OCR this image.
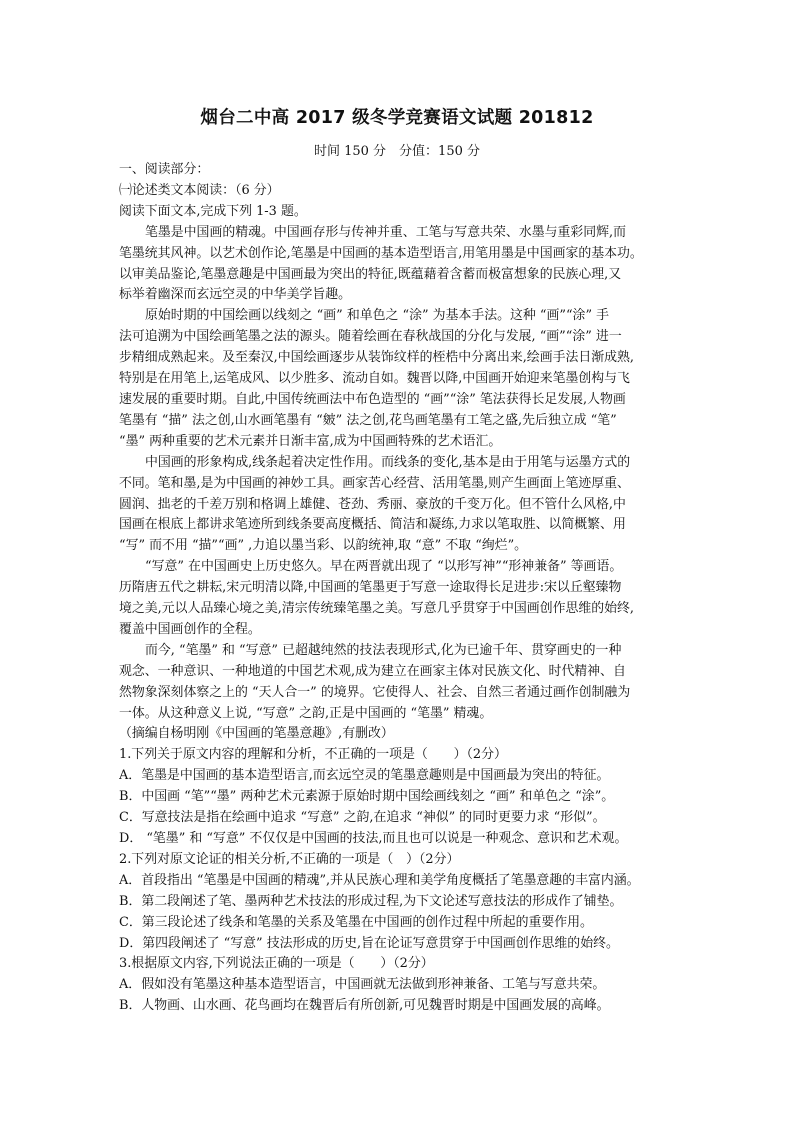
烟台二中高 2017 级冬学竞赛语文试题 201812
时间 150 分　分值：150 分

一、阅读部分：

㈠论述类文本阅读：（6 分）

阅读下面文本,完成下列 1-3 题。

笔墨是中国画的精魂。中国画存形与传神并重、工笔与写意共荣、水墨与重彩同辉,而
笔墨统其风神。以艺术创作论,笔墨是中国画的基本造型语言,用笔用墨是中国画家的基本功。
以审美品鉴论,笔墨意趣是中国画最为突出的特征,既蕴藉着含蓄而极富想象的民族心理,又
标举着幽深而玄远空灵的中华美学旨趣。

原始时期的中国绘画以线刻之 “画” 和单色之 “涂” 为基本手法。这种 “画”“涂” 手
法可追溯为中国绘画笔墨之法的源头。随着绘画在春秋战国的分化与发展, “画”“涂” 进一
步精细成熟起来。及至秦汉,中国绘画逐步从装饰纹样的桎梏中分离出来,绘画手法日渐成熟,
特别是在用笔上,运笔成风、以少胜多、流动自如。魏晋以降,中国画开始迎来笔墨创构与飞
速发展的重要时期。自此,中国传统画法中布色造型的 “画”“涂” 笔法获得长足发展,人物画
笔墨有 “描” 法之创,山水画笔墨有 “皴” 法之创,花鸟画笔墨有工笔之盛,先后独立成 “笔”
“墨” 两种重要的艺术元素并日渐丰富,成为中国画特殊的艺术语汇。

中国画的形象构成,线条起着决定性作用。而线条的变化,基本是由于用笔与运墨方式的
不同。笔和墨,是为中国画的神妙工具。画家苦心经营、活用笔墨,则产生画面上笔迹厚重、
圆润、拙老的千差万别和格调上雄健、苍劲、秀丽、豪放的千变万化。但不管什么风格,中
国画在根底上都讲求笔迹所到线条要高度概括、简洁和凝练,力求以笔取胜、以简概繁、用
“写” 而不用 “描”“画” ,力追以墨当彩、以韵统神,取 “意” 不取 “绚烂”。

“写意” 在中国画史上历史悠久。早在两晋就出现了 “以形写神”“形神兼备” 等画语。
历隋唐五代之耕耘,宋元明清以降,中国画的笔墨更于写意一途取得长足进步:宋以丘壑臻物
境之美,元以人品臻心境之美,清宗传统臻笔墨之美。写意几乎贯穿于中国画创作思维的始终,
覆盖中国画创作的全程。

而今, “笔墨” 和 “写意” 已超越纯然的技法表现形式,化为已逾千年、贯穿画史的一种
观念、一种意识、一种地道的中国艺术观,成为建立在画家主体对民族文化、时代精神、自
然物象深刻体察之上的 “天人合一” 的境界。它使得人、社会、自然三者通过画作创制融为
一体。从这种意义上说, “写意” 之韵,正是中国画的 “笔墨” 精魂。

（摘编自杨明刚《中国画的笔墨意趣》,有删改）

1.下列关于原文内容的理解和分析，不正确的一项是（　　）（2分）

A．笔墨是中国画的基本造型语言,而玄远空灵的笔墨意趣则是中国画最为突出的特征。

B．中国画 “笔”“墨” 两种艺术元素源于原始时期中国绘画线刻之 “画” 和单色之 “涂”。

C．写意技法是指在绘画中追求 “写意” 之韵,在追求 “神似” 的同时更要力求 “形似”。

D． “笔墨” 和 “写意” 不仅仅是中国画的技法,而且也可以说是一种观念、意识和艺术观。

2.下列对原文论证的相关分析,不正确的一项是（　）（2分）

A．首段指出 “笔墨是中国画的精魂”,并从民族心理和美学角度概括了笔墨意趣的丰富内涵。

B．第二段阐述了笔、墨两种艺术技法的形成过程,为下文论述写意技法的形成作了铺垫。

C．第三段论述了线条和笔墨的关系及笔墨在中国画的创作过程中所起的重要作用。

D．第四段阐述了 “写意” 技法形成的历史,旨在论证写意贯穿于中国画创作思维的始终。

3.根据原文内容,下列说法正确的一项是（　　）（2分）

A．假如没有笔墨这种基本造型语言，中国画就无法做到形神兼备、工笔与写意共荣。

B．人物画、山水画、花鸟画均在魏晋后有所创新,可见魏晋时期是中国画发展的高峰。
